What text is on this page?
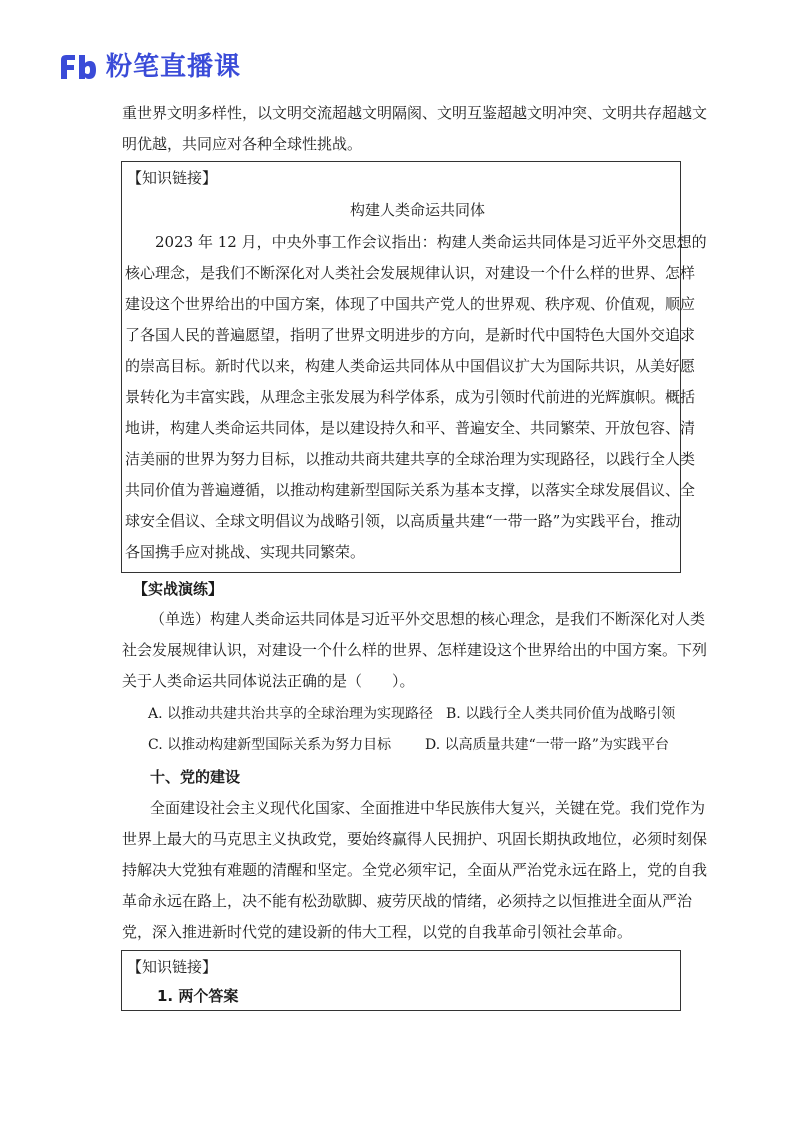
粉笔直播课
重世界文明多样性，以文明交流超越文明隔阂、文明互鉴超越文明冲突、文明共存超越文
明优越，共同应对各种全球性挑战。
【知识链接】
构建人类命运共同体
2023 年 12 月，中央外事工作会议指出：构建人类命运共同体是习近平外交思想的
核心理念，是我们不断深化对人类社会发展规律认识，对建设一个什么样的世界、怎样
建设这个世界给出的中国方案，体现了中国共产党人的世界观、秩序观、价值观，顺应
了各国人民的普遍愿望，指明了世界文明进步的方向，是新时代中国特色大国外交追求
的崇高目标。新时代以来，构建人类命运共同体从中国倡议扩大为国际共识，从美好愿
景转化为丰富实践，从理念主张发展为科学体系，成为引领时代前进的光辉旗帜。概括
地讲，构建人类命运共同体，是以建设持久和平、普遍安全、共同繁荣、开放包容、清
洁美丽的世界为努力目标，以推动共商共建共享的全球治理为实现路径，以践行全人类
共同价值为普遍遵循，以推动构建新型国际关系为基本支撑，以落实全球发展倡议、全
球安全倡议、全球文明倡议为战略引领，以高质量共建“一带一路”为实践平台，推动
各国携手应对挑战、实现共同繁荣。
【实战演练】
（单选）构建人类命运共同体是习近平外交思想的核心理念，是我们不断深化对人类
社会发展规律认识，对建设一个什么样的世界、怎样建设这个世界给出的中国方案。下列
关于人类命运共同体说法正确的是（　　）。
A. 以推动共建共治共享的全球治理为实现路径 B. 以践行全人类共同价值为战略引领
C. 以推动构建新型国际关系为努力目标 D. 以高质量共建“一带一路”为实践平台
十、党的建设
全面建设社会主义现代化国家、全面推进中华民族伟大复兴，关键在党。我们党作为
世界上最大的马克思主义执政党，要始终赢得人民拥护、巩固长期执政地位，必须时刻保
持解决大党独有难题的清醒和坚定。全党必须牢记，全面从严治党永远在路上，党的自我
革命永远在路上，决不能有松劲歇脚、疲劳厌战的情绪，必须持之以恒推进全面从严治
党，深入推进新时代党的建设新的伟大工程，以党的自我革命引领社会革命。
【知识链接】
1. 两个答案
